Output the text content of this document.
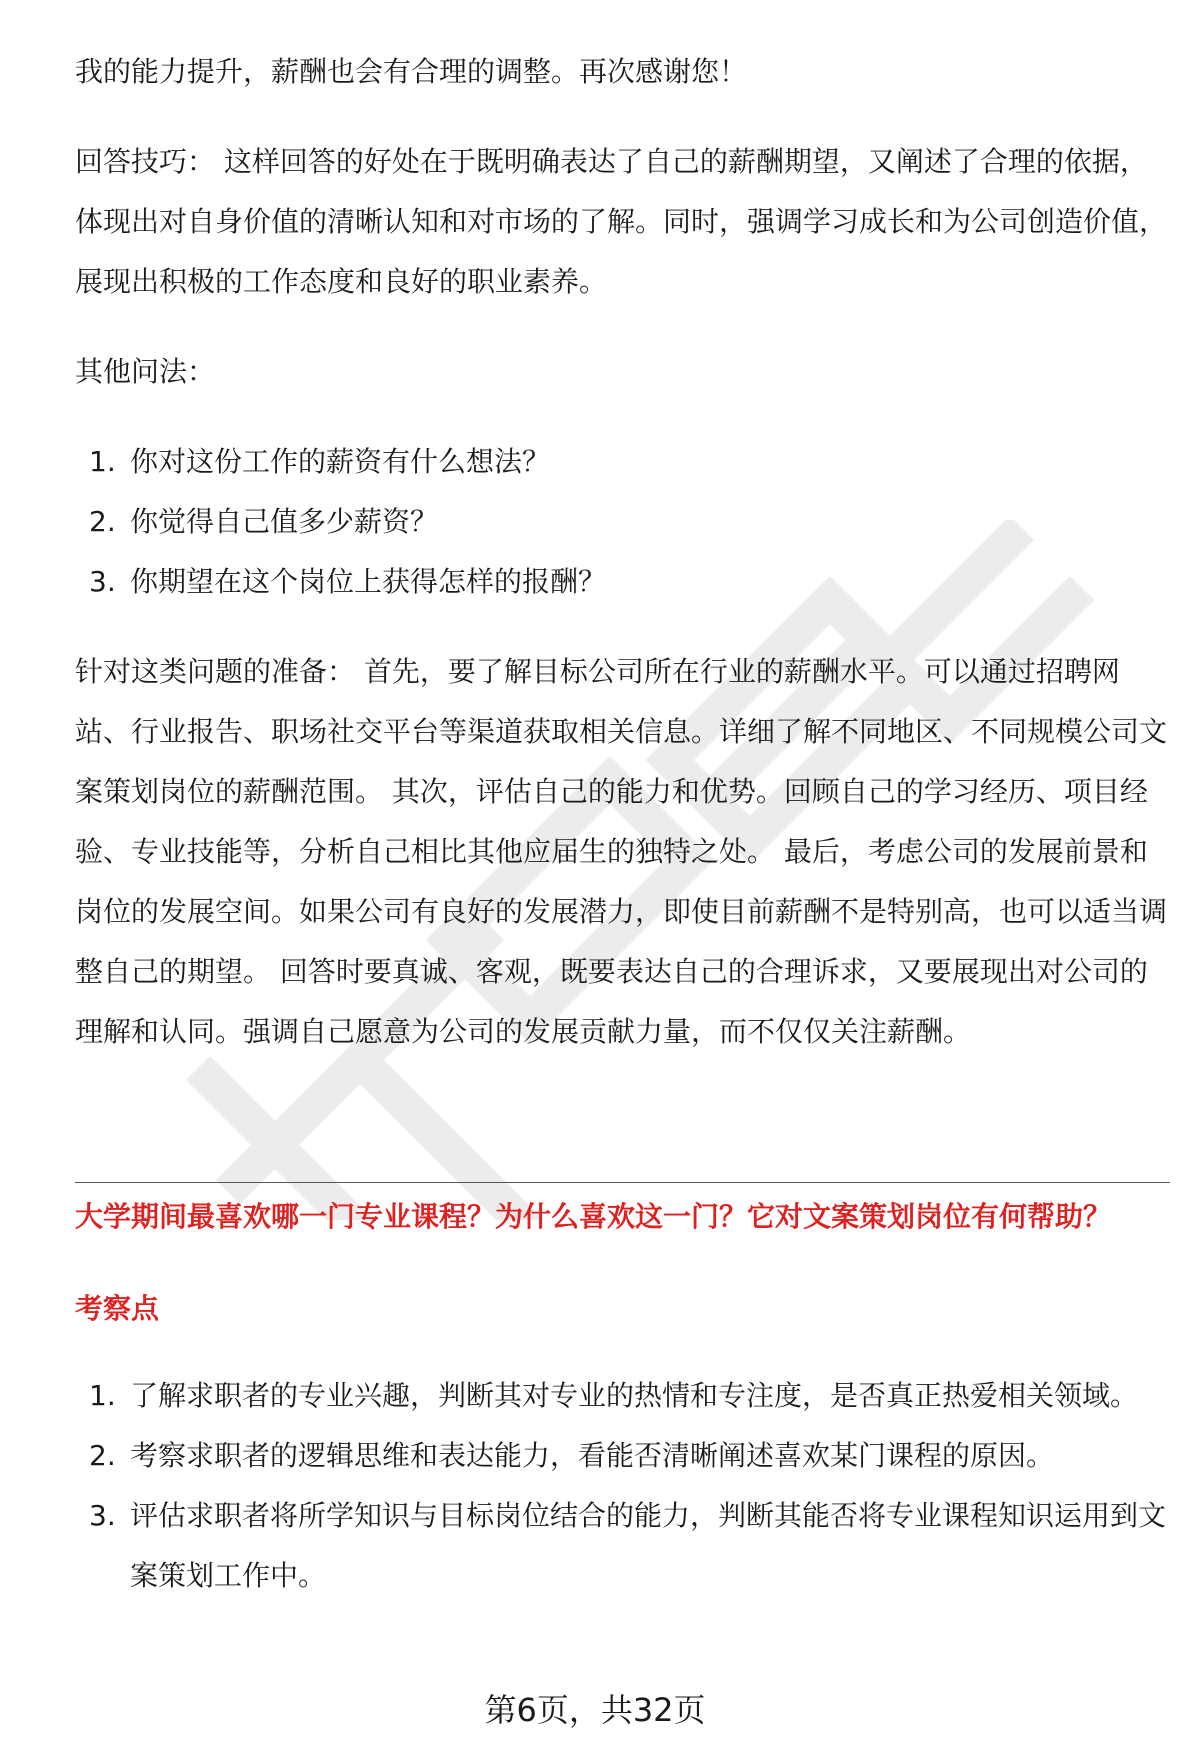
我的能力提升，薪酬也会有合理的调整。再次感谢您！

回答技巧： 这样回答的好处在于既明确表达了自己的薪酬期望，又阐述了合理的依据，体现出对自身价值的清晰认知和对市场的了解。同时，强调学习成长和为公司创造价值，展现出积极的工作态度和良好的职业素养。

其他问法：

1. 你对这份工作的薪资有什么想法？
2. 你觉得自己值多少薪资？
3. 你期望在这个岗位上获得怎样的报酬？

针对这类问题的准备： 首先，要了解目标公司所在行业的薪酬水平。可以通过招聘网站、行业报告、职场社交平台等渠道获取相关信息。详细了解不同地区、不同规模公司文案策划岗位的薪酬范围。 其次，评估自己的能力和优势。回顾自己的学习经历、项目经验、专业技能等，分析自己相比其他应届生的独特之处。 最后，考虑公司的发展前景和岗位的发展空间。如果公司有良好的发展潜力，即使目前薪酬不是特别高，也可以适当调整自己的期望。 回答时要真诚、客观，既要表达自己的合理诉求，又要展现出对公司的理解和认同。强调自己愿意为公司的发展贡献力量，而不仅仅关注薪酬。

大学期间最喜欢哪一门专业课程？为什么喜欢这一门？它对文案策划岗位有何帮助？
考察点
1. 了解求职者的专业兴趣，判断其对专业的热情和专注度，是否真正热爱相关领域。
2. 考察求职者的逻辑思维和表达能力，看能否清晰阐述喜欢某门课程的原因。
3. 评估求职者将所学知识与目标岗位结合的能力，判断其能否将专业课程知识运用到文案策划工作中。
第6页，共32页
